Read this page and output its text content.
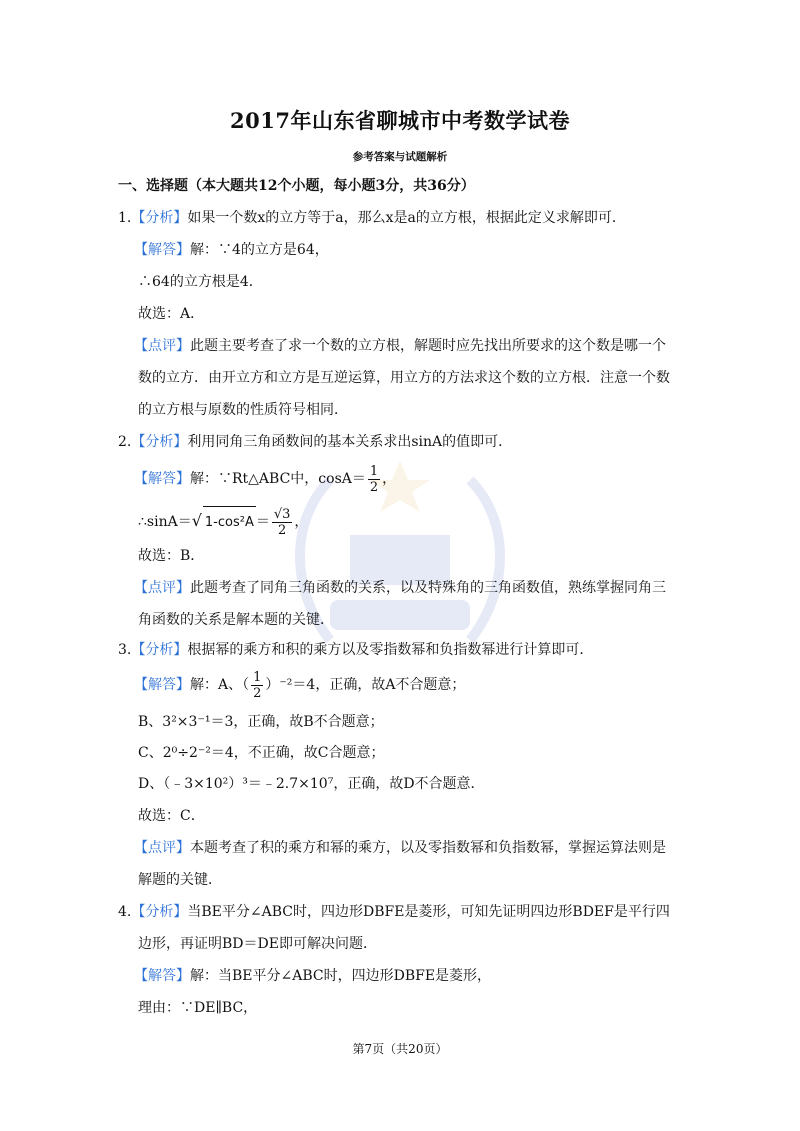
2017年山东省聊城市中考数学试卷
参考答案与试题解析
一、选择题（本大题共12个小题，每小题3分，共36分）
1.【分析】如果一个数x的立方等于a，那么x是a的立方根，根据此定义求解即可．
【解答】解：∵4的立方是64，
∴64的立方根是4．
故选：A．
【点评】此题主要考查了求一个数的立方根，解题时应先找出所要求的这个数是哪一个
数的立方．由开立方和立方是互逆运算，用立方的方法求这个数的立方根．注意一个数
的立方根与原数的性质符号相同．
2.【分析】利用同角三角函数间的基本关系求出sinA的值即可．
【解答】解：∵Rt△ABC中，$\cos A= \frac{1}{2}$ ，
∴sinA＝√ $1-\cos^2A = \frac{√3}{2}$ ，
故选：B．
【点评】此题考查了同角三角函数的关系，以及特殊角的三角函数值，熟练掌握同角三
角函数的关系是解本题的关键．
3.【分析】根据幂的乘方和积的乘方以及零指数幂和负指数幂进行计算即可．
【解答】解：A、（ $\frac{1}{2} )^{-2}=4$，正确，故A不合题意；
B、3²×3⁻¹＝3，正确，故B不合题意；
C、2⁰÷2⁻²＝4，不正确，故C合题意；
D、（﹣3×10²）³＝﹣2.7×10⁷，正确，故D不合题意．
故选：C．
【点评】本题考查了积的乘方和幂的乘方，以及零指数幂和负指数幂，掌握运算法则是
解题的关键．
4.【分析】当BE平分∠ABC时，四边形DBFE是菱形，可知先证明四边形BDEF是平行四
边形，再证明BD＝DE即可解决问题．
【解答】解：当BE平分∠ABC时，四边形DBFE是菱形，
理由：∵DE∥BC，
第7页（共20页）
